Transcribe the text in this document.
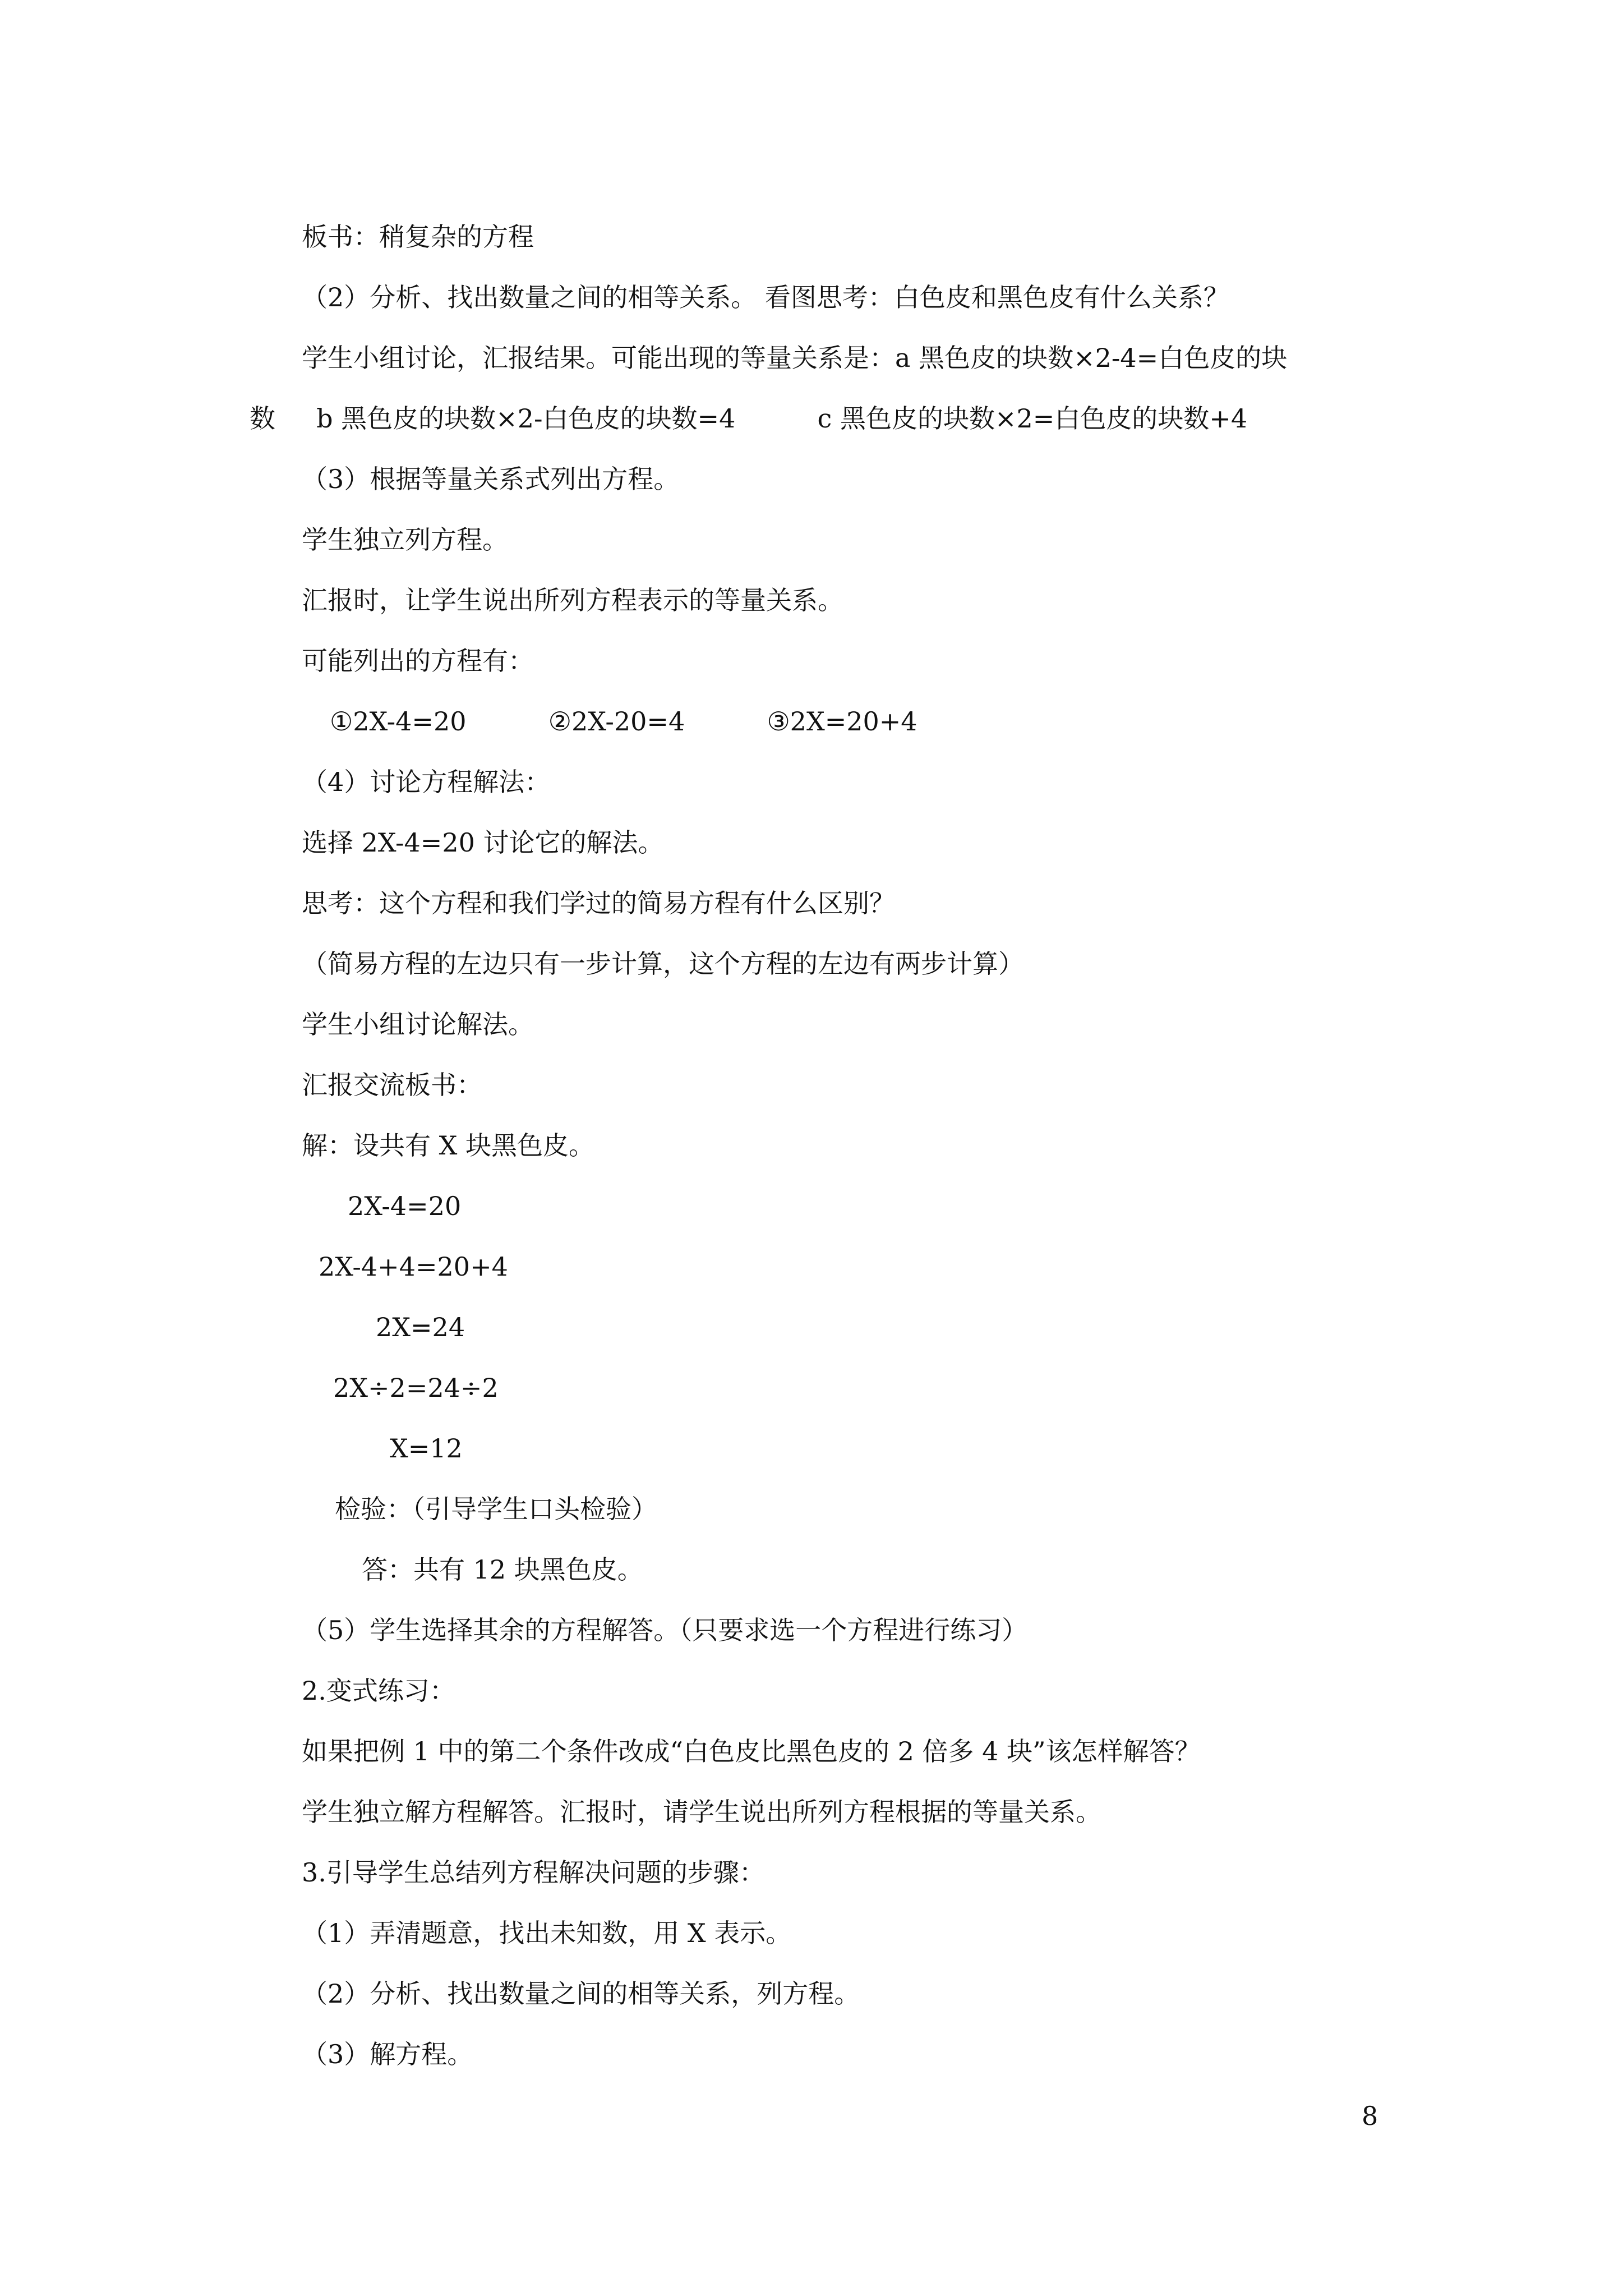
板书：稍复杂的方程
（2）分析、找出数量之间的相等关系。 看图思考：白色皮和黑色皮有什么关系？
学生小组讨论，汇报结果。可能出现的等量关系是：a 黑色皮的块数×2-4=白色皮的块
数     b 黑色皮的块数×2-白色皮的块数=4          c 黑色皮的块数×2=白色皮的块数+4
（3）根据等量关系式列出方程。
学生独立列方程。
汇报时，让学生说出所列方程表示的等量关系。
可能列出的方程有：
①2X-4=20          ②2X-20=4          ③2X=20+4
（4）讨论方程解法：
选择 2X-4=20 讨论它的解法。
思考：这个方程和我们学过的简易方程有什么区别？
（简易方程的左边只有一步计算，这个方程的左边有两步计算）
学生小组讨论解法。
汇报交流板书：
解：设共有 X 块黑色皮。
2X-4=20
2X-4+4=20+4
2X=24
2X÷2=24÷2
X=12
检验：（引导学生口头检验）
答：共有 12 块黑色皮。
（5）学生选择其余的方程解答。（只要求选一个方程进行练习）
2.变式练习：
如果把例 1 中的第二个条件改成“白色皮比黑色皮的 2 倍多 4 块”该怎样解答？
学生独立解方程解答。汇报时，请学生说出所列方程根据的等量关系。
3.引导学生总结列方程解决问题的步骤：
（1）弄清题意，找出未知数，用 X 表示。
（2）分析、找出数量之间的相等关系，列方程。
（3）解方程。
8
